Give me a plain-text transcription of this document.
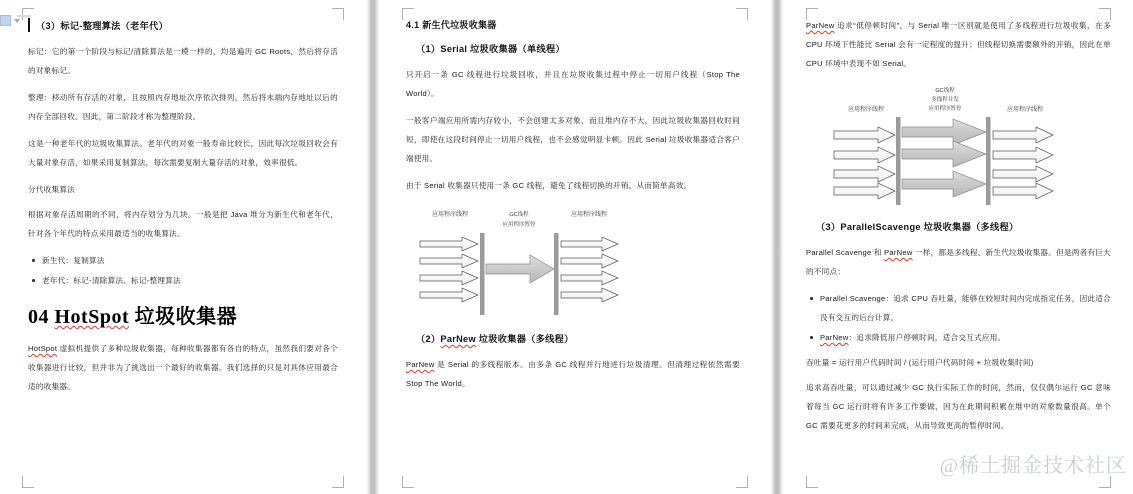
（3）标记-整理算法（老年代）

标记：它的第一个阶段与标记/清除算法是一模一样的，均是遍历 GC Roots，然后将存活的对象标记。

整理：移动所有存活的对象，且按照内存地址次序依次排列，然后将末端内存地址以后的内存全部回收。因此，第二阶段才称为整理阶段。

这是一种老年代的垃圾收集算法。老年代的对象一般寿命比较长，因此每次垃圾回收会有大量对象存活，如果采用复制算法，每次需要复制大量存活的对象，效率很低。

分代收集算法

根据对象存活周期的不同，将内存划分为几块。一般是把 Java 堆分为新生代和老年代，针对各个年代的特点采用最适当的收集算法。

新生代：复制算法
老年代：标记-清除算法、标记-整理算法
04 HotSpot 垃圾收集器

HotSpot 虚拟机提供了多种垃圾收集器，每种收集器都有各自的特点，虽然我们要对各个收集器进行比较，但并非为了挑选出一个最好的收集器。我们选择的只是对具体应用最合适的收集器。

4.1 新生代垃圾收集器
（1）Serial 垃圾收集器（单线程）

只开启一条 GC 线程进行垃圾回收，并且在垃圾收集过程中停止一切用户线程（Stop The World）。

一般客户端应用所需内存较小，不会创建太多对象，而且堆内存不大，因此垃圾收集器回收时间短，即使在这段时间停止一切用户线程，也不会感觉明显卡顿。因此 Serial 垃圾收集器适合客户端使用。

由于 Serial 收集器只使用一条 GC 线程，避免了线程切换的开销，从而简单高效。

应用程序线程	GC线程
应用程序暂停
应用程序线程
（2）ParNew 垃圾收集器（多线程）

ParNew 是 Serial 的多线程版本。由多条 GC 线程并行地进行垃圾清理。但清理过程依然需要 Stop The World。

ParNew 追求“低停顿时间”，与 Serial 唯一区别就是使用了多线程进行垃圾收集，在多 CPU 环境下性能比 Serial 会有一定程度的提升；但线程切换需要额外的开销，因此在单 CPU 环境中表现不如 Serial。

GC线程
多线程并发
应用程序暂停
应用程序线程	应用程序线程
（3）ParallelScavenge 垃圾收集器（多线程）

Parallel Scavenge 和 ParNew 一样，都是多线程、新生代垃圾收集器。但是两者有巨大的不同点：

Parallel Scavenge：追求 CPU 吞吐量，能够在较短时间内完成指定任务，因此适合没有交互的后台计算。
ParNew：追求降低用户停顿时间，适合交互式应用。

吞吐量 = 运行用户代码时间 / (运行用户代码时间 + 垃圾收集时间)

追求高吞吐量，可以通过减少 GC 执行实际工作的时间，然而，仅仅偶尔运行 GC 意味着每当 GC 运行时将有许多工作要做，因为在此期间积累在堆中的对象数量很高。单个 GC 需要花更多的时间来完成，从而导致更高的暂停时间。

@稀土掘金技术社区
